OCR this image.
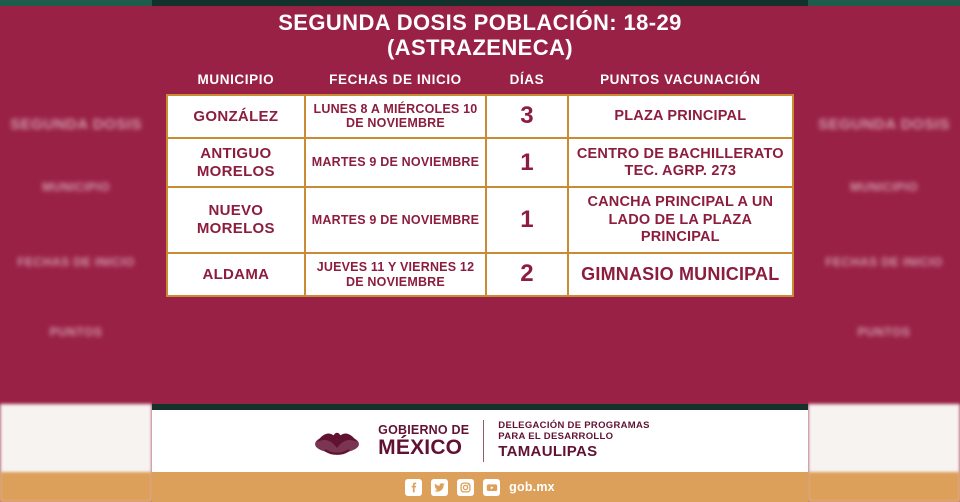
SEGUNDA DOSIS
MUNICIPIO
FECHAS DE INICIO
PUNTOS
SEGUNDA DOSIS
MUNICIPIO
FECHAS DE INICIO
PUNTOS
SEGUNDA DOSIS POBLACIÓN: 18-29
(ASTRAZENECA)
MUNICIPIO	FECHAS DE INICIO	DÍAS	PUNTOS VACUNACIÓN
GONZÁLEZ	LUNES 8 A MIÉRCOLES 10 DE NOVIEMBRE	3	PLAZA PRINCIPAL
ANTIGUO MORELOS	MARTES 9 DE NOVIEMBRE	1	CENTRO DE BACHILLERATO TEC. AGRP. 273
NUEVO MORELOS	MARTES 9 DE NOVIEMBRE	1	CANCHA PRINCIPAL A UN LADO DE LA PLAZA PRINCIPAL
ALDAMA	JUEVES 11 Y VIERNES 12 DE NOVIEMBRE	2	GIMNASIO MUNICIPAL
GOBIERNO DE
MÉXICO
DELEGACIÓN DE PROGRAMAS
PARA EL DESARROLLO
TAMAULIPAS
gob.mx
